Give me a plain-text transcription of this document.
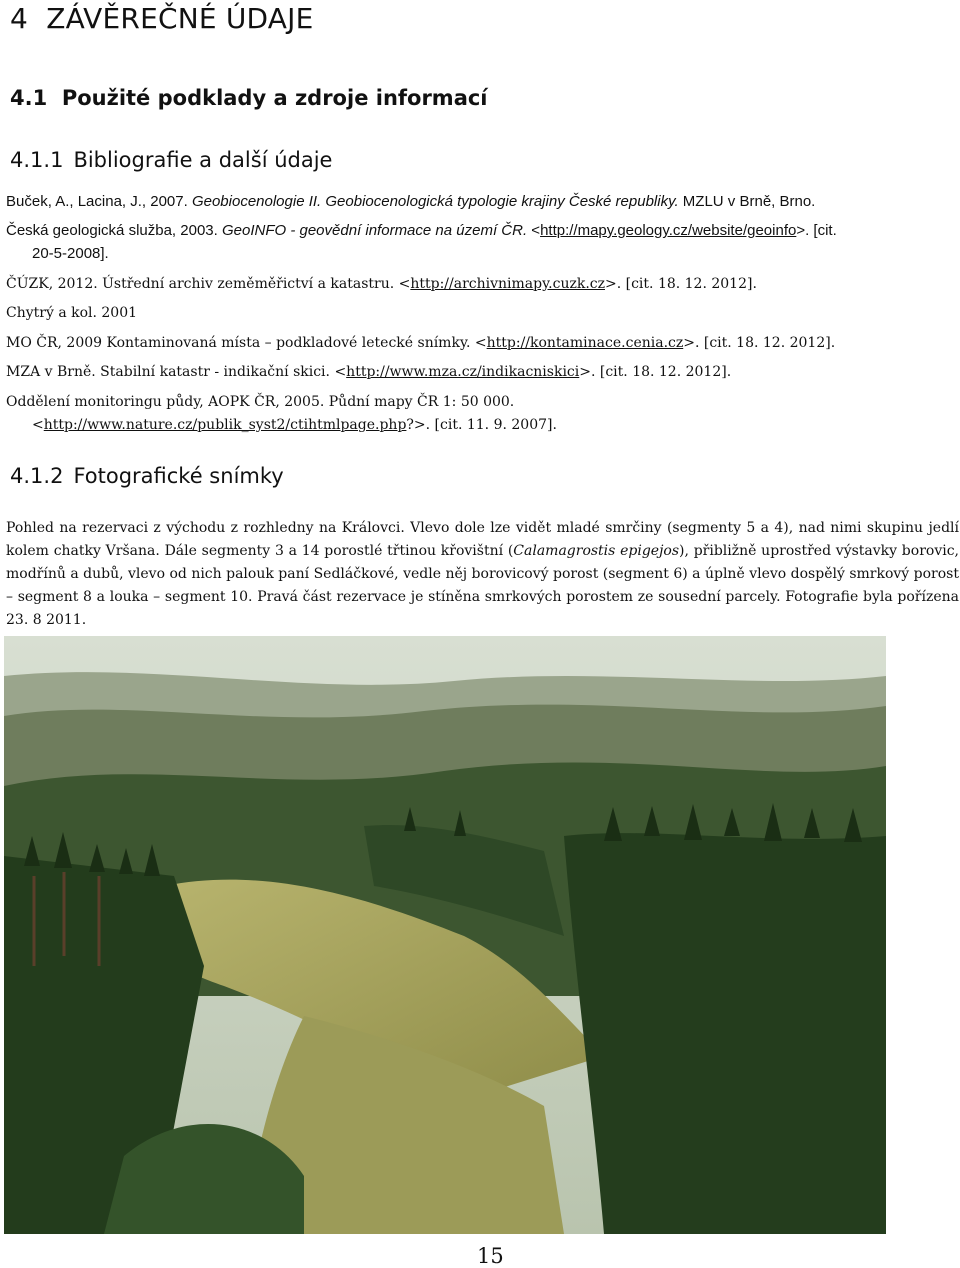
4 ZÁVĚREČNÉ ÚDAJE
4.1 Použité podklady a zdroje informací
4.1.1 Bibliografie a další údaje
Buček, A., Lacina, J., 2007. Geobiocenologie II. Geobiocenologická typologie krajiny České republiky. MZLU v Brně, Brno.
Česká geologická služba, 2003. GeoINFO - geovědní informace na území ČR. <http://mapy.geology.cz/website/geoinfo>. [cit.
20-5-2008].
ČÚZK, 2012. Ústřední archiv zeměměřictví a katastru. <http://archivnimapy.cuzk.cz>. [cit. 18. 12. 2012].
Chytrý a kol. 2001
MO ČR, 2009 Kontaminovaná místa – podkladové letecké snímky. <http://kontaminace.cenia.cz>. [cit. 18. 12. 2012].
MZA v Brně. Stabilní katastr - indikační skici. <http://www.mza.cz/indikacniskici>. [cit. 18. 12. 2012].
Oddělení monitoringu půdy, AOPK ČR, 2005. Půdní mapy ČR 1: 50 000.
<http://www.nature.cz/publik_syst2/ctihtmlpage.php?>. [cit. 11. 9. 2007].
4.1.2 Fotografické snímky

Pohled na rezervaci z východu z rozhledny na Královci. Vlevo dole lze vidět mladé smrčiny (segmenty 5 a 4), nad nimi skupinu jedlí kolem chatky Vršana. Dále segmenty 3 a 14 porostlé třtinou křovištní (Calamagrostis epigejos), přibližně uprostřed výstavky borovic, modřínů a dubů, vlevo od nich palouk paní Sedláčkové, vedle něj borovicový porost (segment 6) a úplně vlevo dospělý smrkový porost – segment 8 a louka – segment 10. Pravá část rezervace je stíněna smrkových porostem ze sousední parcely. Fotografie byla pořízena 23. 8 2011.

15
